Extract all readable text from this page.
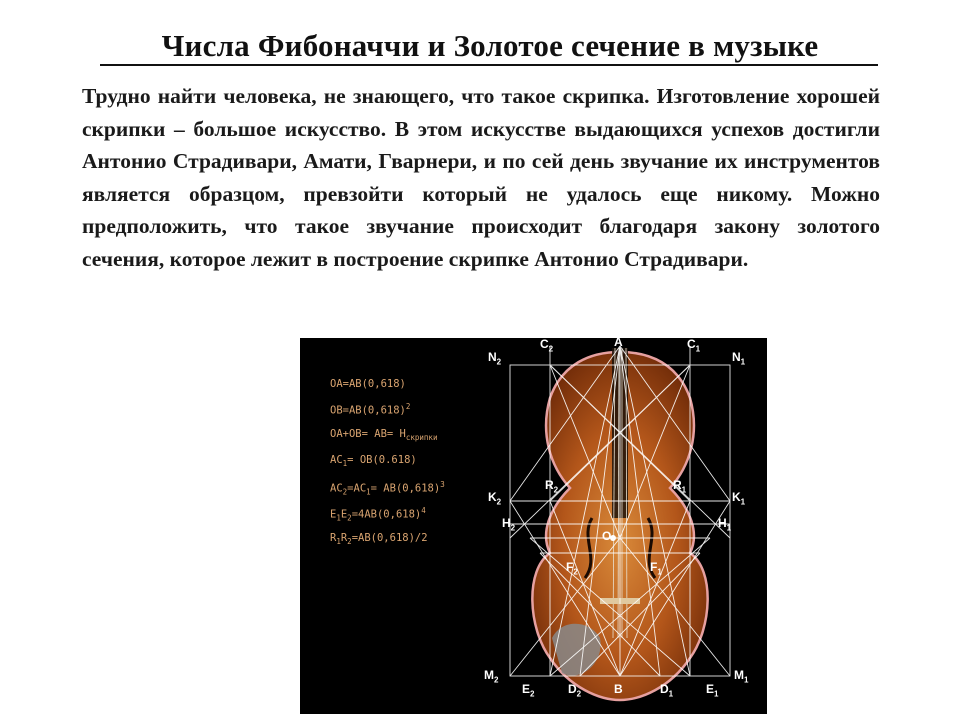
Числа Фибоначчи и Золотое сечение в музыке
Трудно найти человека, не знающего, что такое скрипка. Изготовление хорошей скрипки – большое искусство. В этом искусстве выдающихся успехов достигли Антонио Страдивари, Амати, Гварнери, и по сей день звучание их инструментов является образцом, превзойти который не удалось еще никому. Можно предположить, что такое звучание происходит благодаря закону золотого сечения, которое лежит в построение скрипке Антонио Страдивари.
OA=AB(0,618)
$OB=AB(0,618)^2$
$OA+OB= AB= H_{скрипки}$
$AC_1= OB(0.618)$
$AC_2=AC_1= AB(0,618)^3$
$E_1E_2=4AB(0,618)^4$
$R_1R_2=AB(0,618)/2$
$N_2$
$C_2$	A	$C_1$
$N_1$
$K_2$
$R_2$	$R_1$
$K_1$
$H_2$
O
$H_1$
$F_2$	$F_1$
$M_2$	$M_1$
$E_2$	$D_2$	B	$D_1$	$E_1$
